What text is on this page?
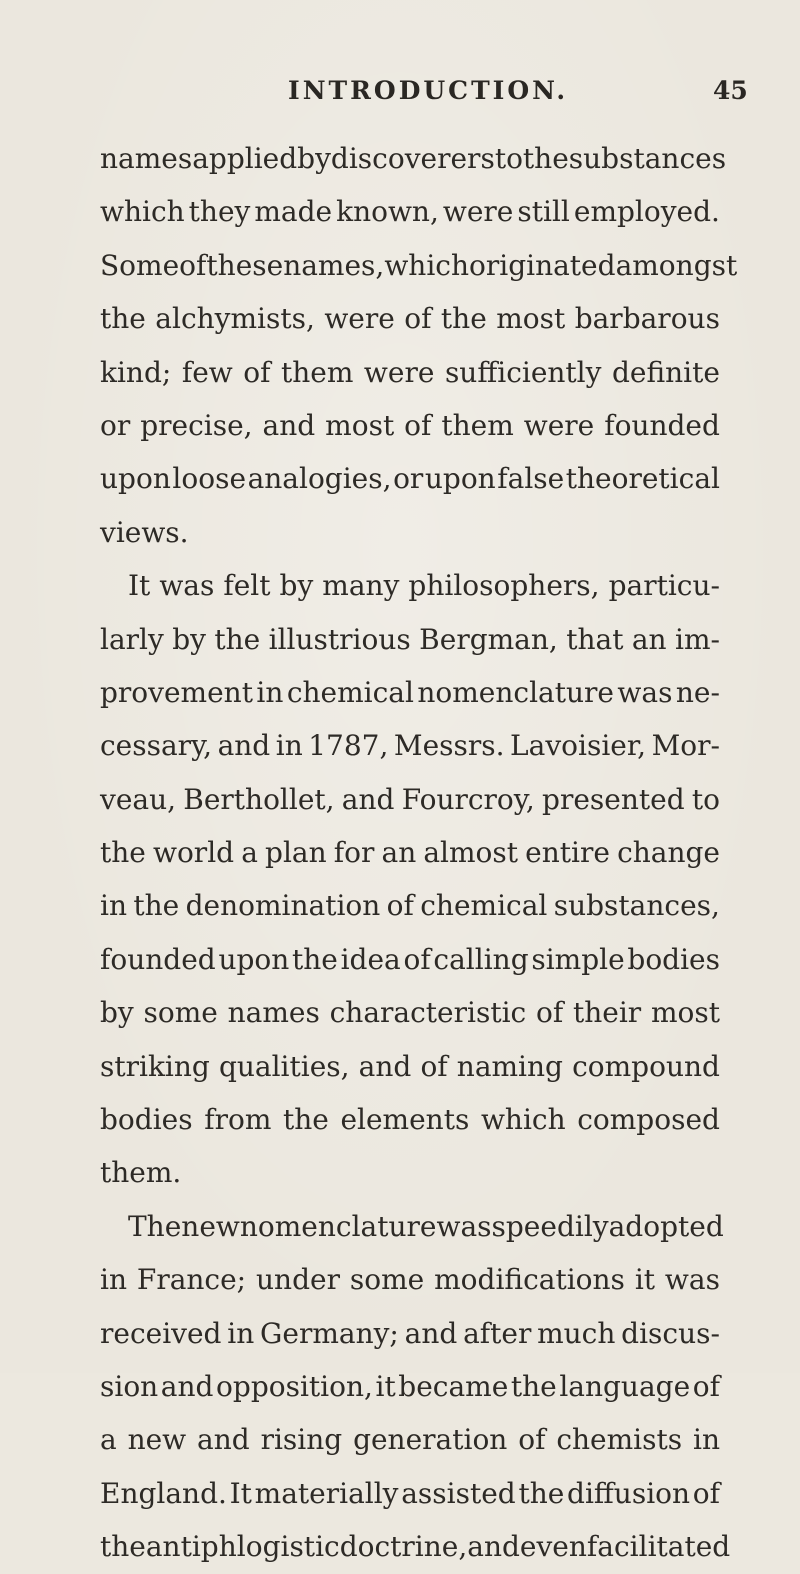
INTRODUCTION.	45
names applied by discoverers to the substances
which they made known, were still employed.
Some of these names, which originated amongst
the alchymists, were of the most barbarous
kind; few of them were sufficiently definite
or precise, and most of them were founded
upon loose analogies, or upon false theoretical
views.
It was felt by many philosophers, particu-
larly by the illustrious Bergman, that an im-
provement in chemical nomenclature was ne-
cessary, and in 1787, Messrs. Lavoisier, Mor-
veau, Berthollet, and Fourcroy, presented to
the world a plan for an almost entire change
in the denomination of chemical substances,
founded upon the idea of calling simple bodies
by some names characteristic of their most
striking qualities, and of naming compound
bodies from the elements which composed
them.
The new nomenclature was speedily adopted
in France; under some modifications it was
received in Germany; and after much discus-
sion and opposition, it became the language of
a new and rising generation of chemists in
England. It materially assisted the diffusion of
the antiphlogistic doctrine, and even facilitated
